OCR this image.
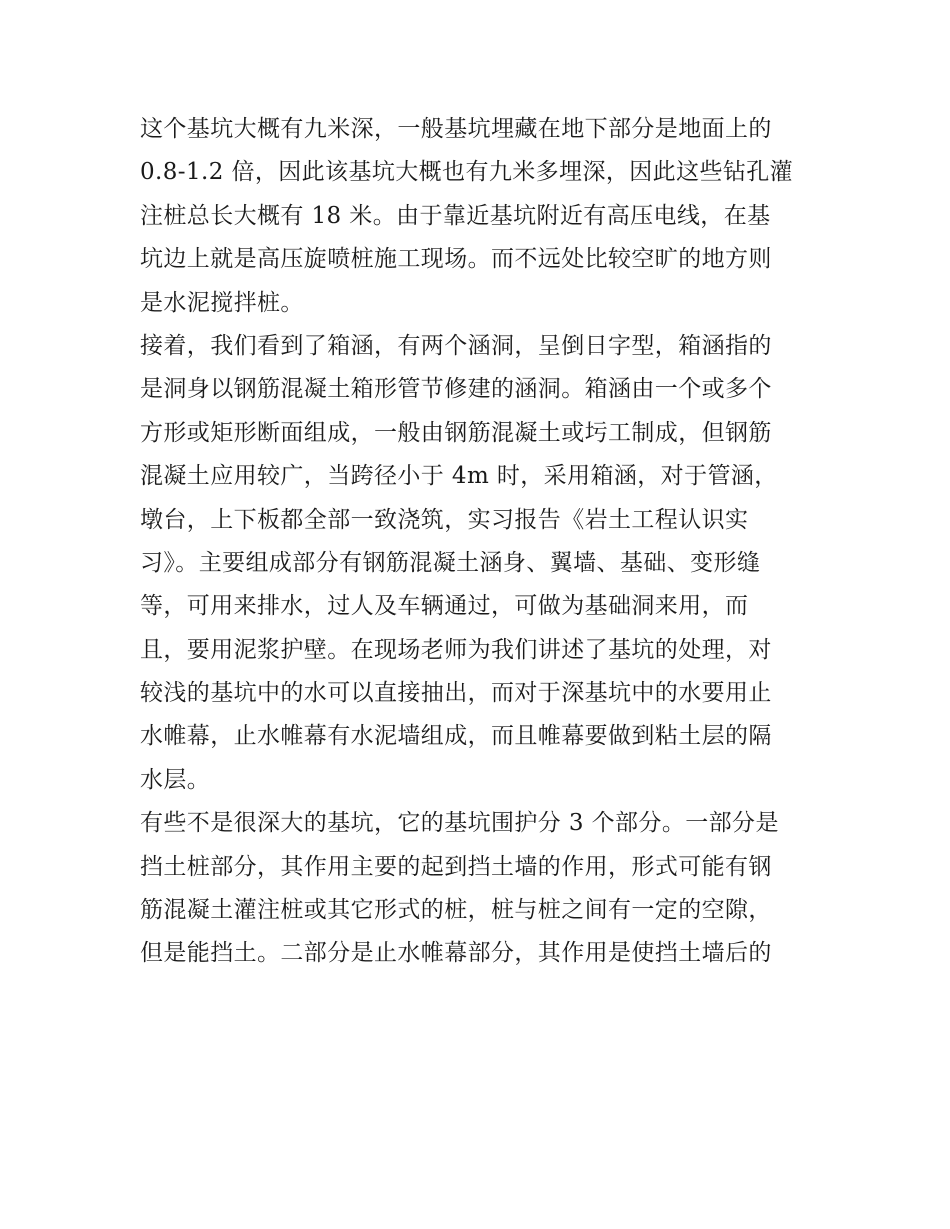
这个基坑大概有九米深，一般基坑埋藏在地下部分是地面上的
0.8-1.2 倍，因此该基坑大概也有九米多埋深，因此这些钻孔灌
注桩总长大概有 18 米。由于靠近基坑附近有高压电线，在基
坑边上就是高压旋喷桩施工现场。而不远处比较空旷的地方则
是水泥搅拌桩。
接着，我们看到了箱涵，有两个涵洞，呈倒日字型，箱涵指的
是洞身以钢筋混凝土箱形管节修建的涵洞。箱涵由一个或多个
方形或矩形断面组成，一般由钢筋混凝土或圬工制成，但钢筋
混凝土应用较广，当跨径小于 4m 时，采用箱涵，对于管涵，
墩台，上下板都全部一致浇筑，实习报告《岩土工程认识实
习》。主要组成部分有钢筋混凝土涵身、翼墙、基础、变形缝
等，可用来排水，过人及车辆通过，可做为基础洞来用，而
且，要用泥浆护壁。在现场老师为我们讲述了基坑的处理，对
较浅的基坑中的水可以直接抽出，而对于深基坑中的水要用止
水帷幕，止水帷幕有水泥墙组成，而且帷幕要做到粘土层的隔
水层。
有些不是很深大的基坑，它的基坑围护分 3 个部分。一部分是
挡土桩部分，其作用主要的起到挡土墙的作用，形式可能有钢
筋混凝土灌注桩或其它形式的桩，桩与桩之间有一定的空隙，
但是能挡土。二部分是止水帷幕部分，其作用是使挡土墙后的
